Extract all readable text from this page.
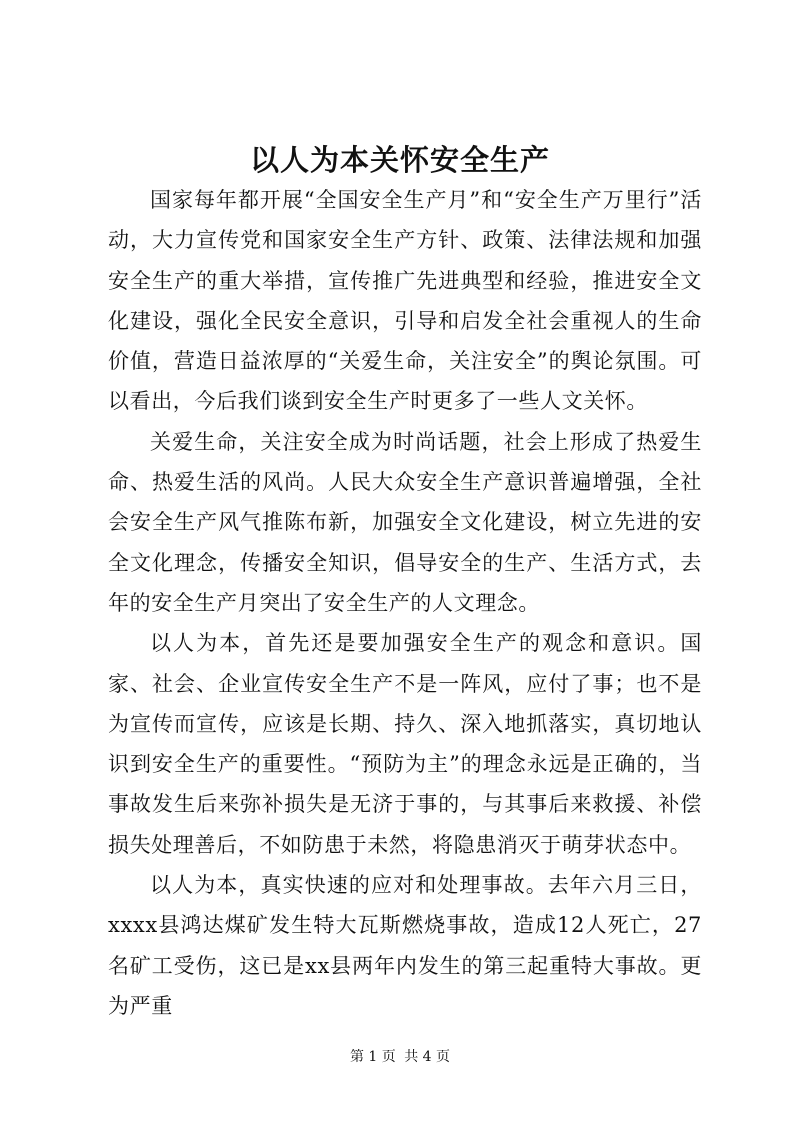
以人为本关怀安全生产

国家每年都开展“全国安全生产月”和“安全生产万里行”活动，大力宣传党和国家安全生产方针、政策、法律法规和加强安全生产的重大举措，宣传推广先进典型和经验，推进安全文化建设，强化全民安全意识，引导和启发全社会重视人的生命价值，营造日益浓厚的“关爱生命，关注安全”的舆论氛围。可以看出，今后我们谈到安全生产时更多了一些人文关怀。

关爱生命，关注安全成为时尚话题，社会上形成了热爱生命、热爱生活的风尚。人民大众安全生产意识普遍增强，全社会安全生产风气推陈布新，加强安全文化建设，树立先进的安全文化理念，传播安全知识，倡导安全的生产、生活方式，去年的安全生产月突出了安全生产的人文理念。

以人为本，首先还是要加强安全生产的观念和意识。国家、社会、企业宣传安全生产不是一阵风，应付了事；也不是为宣传而宣传，应该是长期、持久、深入地抓落实，真切地认识到安全生产的重要性。“预防为主”的理念永远是正确的，当事故发生后来弥补损失是无济于事的，与其事后来救援、补偿损失处理善后，不如防患于未然，将隐患消灭于萌芽状态中。

以人为本，真实快速的应对和处理事故。去年六月三日，xxxx县鸿达煤矿发生特大瓦斯燃烧事故，造成12人死亡，27名矿工受伤，这已是xx县两年内发生的第三起重特大事故。更为严重

第 1 页 共 4 页
